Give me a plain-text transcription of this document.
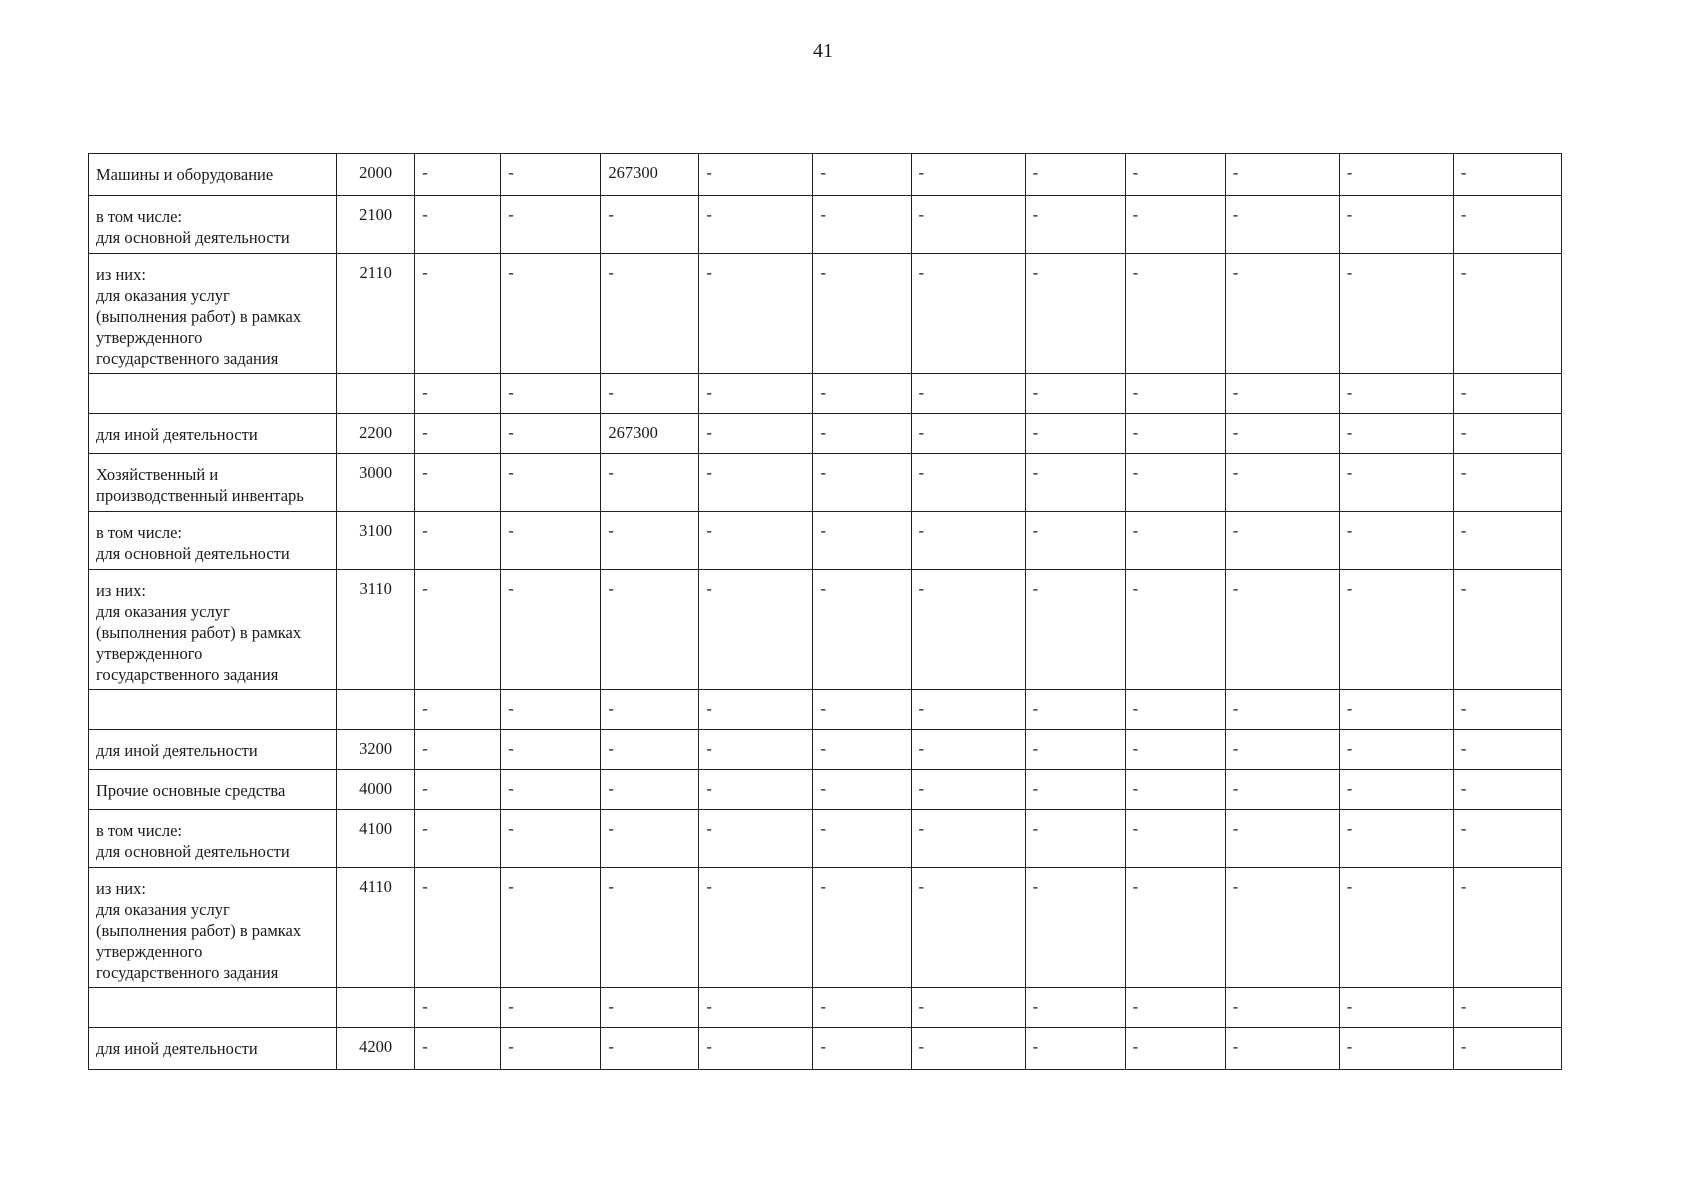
41
Машины и оборудование	2000	-	-	267300	-	-	-	-	-	-	-	-

в том числе:
для основной деятельности	2100	-	-	-	-	-	-	-	-	-	-	-

из них:
для оказания услуг
(выполнения работ) в рамках
утвержденного
государственного задания	2110	-	-	-	-	-	-	-	-	-	-	-
		-	-	-	-	-	-	-	-	-	-	-

для иной деятельности	2200	-	-	267300	-	-	-	-	-	-	-	-

Хозяйственный и
производственный инвентарь	3000	-	-	-	-	-	-	-	-	-	-	-

в том числе:
для основной деятельности	3100	-	-	-	-	-	-	-	-	-	-	-

из них:
для оказания услуг
(выполнения работ) в рамках
утвержденного
государственного задания	3110	-	-	-	-	-	-	-	-	-	-	-
		-	-	-	-	-	-	-	-	-	-	-

для иной деятельности	3200	-	-	-	-	-	-	-	-	-	-	-

Прочие основные средства	4000	-	-	-	-	-	-	-	-	-	-	-

в том числе:
для основной деятельности	4100	-	-	-	-	-	-	-	-	-	-	-

из них:
для оказания услуг
(выполнения работ) в рамках
утвержденного
государственного задания	4110	-	-	-	-	-	-	-	-	-	-	-
		-	-	-	-	-	-	-	-	-	-	-

для иной деятельности	4200	-	-	-	-	-	-	-	-	-	-	-
